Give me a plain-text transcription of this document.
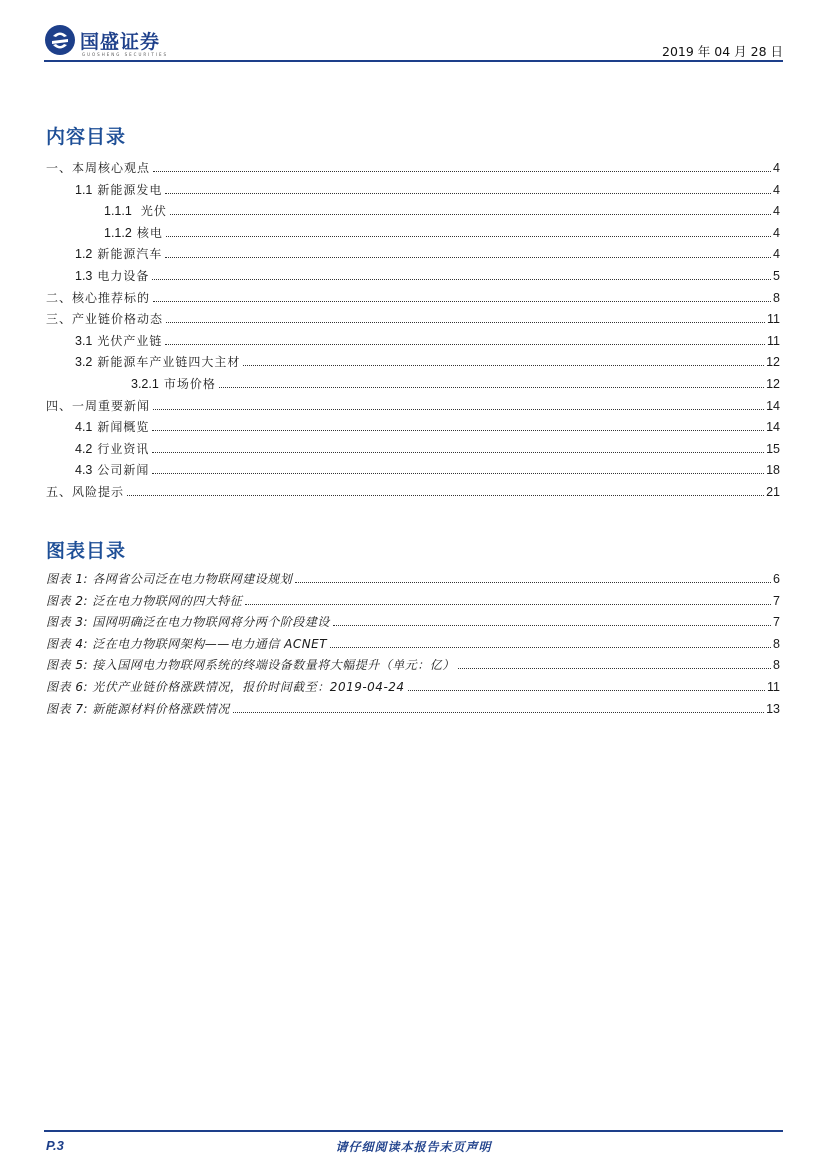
国盛证券
GUOSHENG SECURITIES	2019 年 04 月 28 日
内容目录
一、本周核心观点	4
1.1 新能源发电	4
1.1.1 光伏	4
1.1.2 核电	4
1.2 新能源汽车	4
1.3 电力设备	5
二、核心推荐标的	8
三、产业链价格动态	11
3.1 光伏产业链	11
3.2 新能源车产业链四大主材	12
3.2.1 市场价格	12
四、一周重要新闻	14
4.1 新闻概览	14
4.2 行业资讯	15
4.3 公司新闻	18
五、风险提示	21
图表目录
图表 1: 各网省公司泛在电力物联网建设规划	6
图表 2: 泛在电力物联网的四大特征	7
图表 3: 国网明确泛在电力物联网将分两个阶段建设	7
图表 4: 泛在电力物联网架构——电力通信 ACNET	8
图表 5: 接入国网电力物联网系统的终端设备数量将大幅提升（单元：亿）	8
图表 6: 光伏产业链价格涨跌情况，报价时间截至：2019-04-24	11
图表 7: 新能源材料价格涨跌情况	13
P.3	请仔细阅读本报告末页声明
